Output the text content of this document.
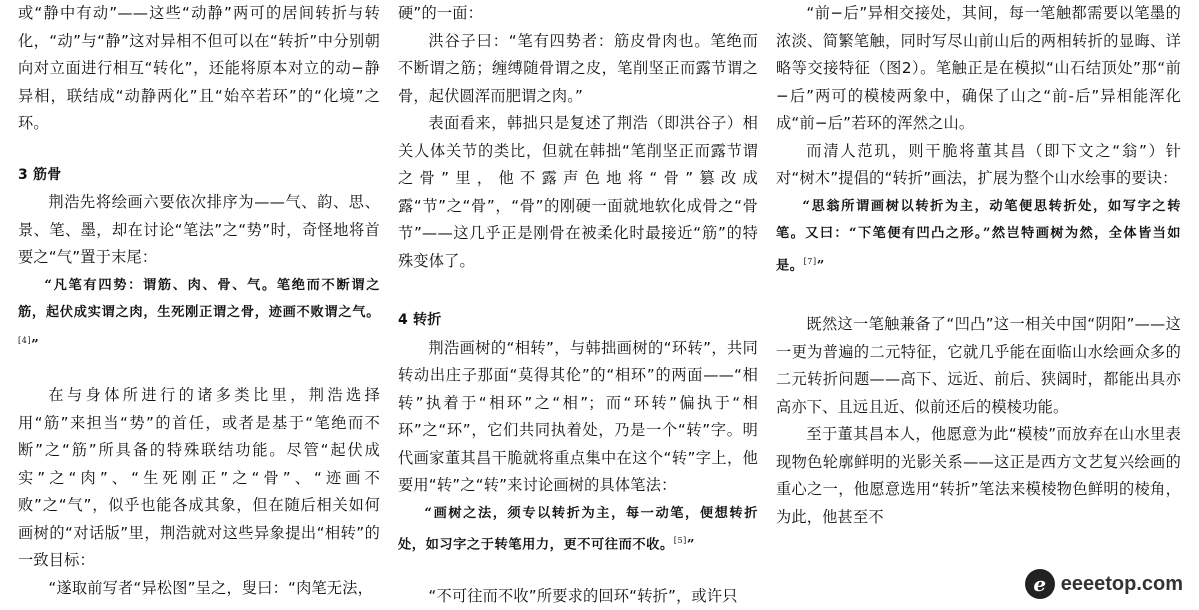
或“静中有动”——这些“动静”两可的居间转折与转化，“动”与“静”这对异相不但可以在“转折”中分别朝向对立面进行相互“转化”，还能将原本对立的动−静异相，联结成“动静两化”且“始卒若环”的“化境”之环。

3 筋骨

荆浩先将绘画六要依次排序为——气、韵、思、景、笔、墨，却在讨论“笔法”之“势”时，奇怪地将首要之“气”置于末尾：

“凡笔有四势：谓筋、肉、骨、气。笔绝而不断谓之筋，起伏成实谓之肉，生死刚正谓之骨，迹画不败谓之气。[4]”

在与身体所进行的诸多类比里，荆浩选择用“筋”来担当“势”的首任，或者是基于“笔绝而不断”之“筋”所具备的特殊联结功能。尽管“起伏成实”之“肉”、“生死刚正”之“骨”、“迹画不败”之“气”，似乎也能各成其象，但在随后相关如何画树的“对话版”里，荆浩就对这些异象提出“相转”的一致目标：

“遂取前写者“异松图”呈之，叟曰：“肉笔无法，

硬”的一面：

洪谷子曰：“笔有四势者：筋皮骨肉也。笔绝而不断谓之筋；缠缚随骨谓之皮，笔削坚正而露节谓之骨，起伏圆浑而肥谓之肉。”

表面看来，韩拙只是复述了荆浩（即洪谷子）相关人体关节的类比，但就在韩拙“笔削坚正而露节谓之骨”里，他不露声色地将“骨”篡改成露“节”之“骨”，“骨”的刚硬一面就地软化成骨之“骨节”——这几乎正是刚骨在被柔化时最接近“筋”的特殊变体了。

4 转折

荆浩画树的“相转”，与韩拙画树的“环转”，共同转动出庄子那面“莫得其伦”的“相环”的两面——“相转”执着于“相环”之“相”；而“环转”偏执于“相环”之“环”，它们共同执着处，乃是一个“转”字。明代画家董其昌干脆就将重点集中在这个“转”字上，他要用“转”之“转”来讨论画树的具体笔法：

“画树之法，须专以转折为主，每一动笔，便想转折处，如习字之于转笔用力，更不可往而不收。[5]”

“不可往而不收”所要求的回环“转折”，或许只

“前−后”异相交接处，其间，每一笔触都需要以笔墨的浓淡、简繁笔触，同时写尽山前山后的两相转折的显晦、详略等交接特征（图2）。笔触正是在模拟“山石结顶处”那“前−后”两可的模棱两象中，确保了山之“前-后”异相能浑化成“前−后”若环的浑然之山。

而清人范玑，则干脆将董其昌（即下文之“翁”）针对“树木”提倡的“转折”画法，扩展为整个山水绘事的要诀：

“思翁所谓画树以转折为主，动笔便思转折处，如写字之转笔。又曰：“下笔便有凹凸之形。”然岂特画树为然，全体皆当如是。[7]”

既然这一笔触兼备了“凹凸”这一相关中国“阴阳”——这一更为普遍的二元特征，它就几乎能在面临山水绘画众多的二元转折问题——高下、远近、前后、狭阔时，都能出具亦高亦下、且远且近、似前还后的模棱功能。

至于董其昌本人，他愿意为此“模棱”而放弃在山水里表现物色轮廓鲜明的光影关系——这正是西方文艺复兴绘画的重心之一，他愿意选用“转折”笔法来模棱物色鲜明的棱角，为此，他甚至不

e eeeetop.com
